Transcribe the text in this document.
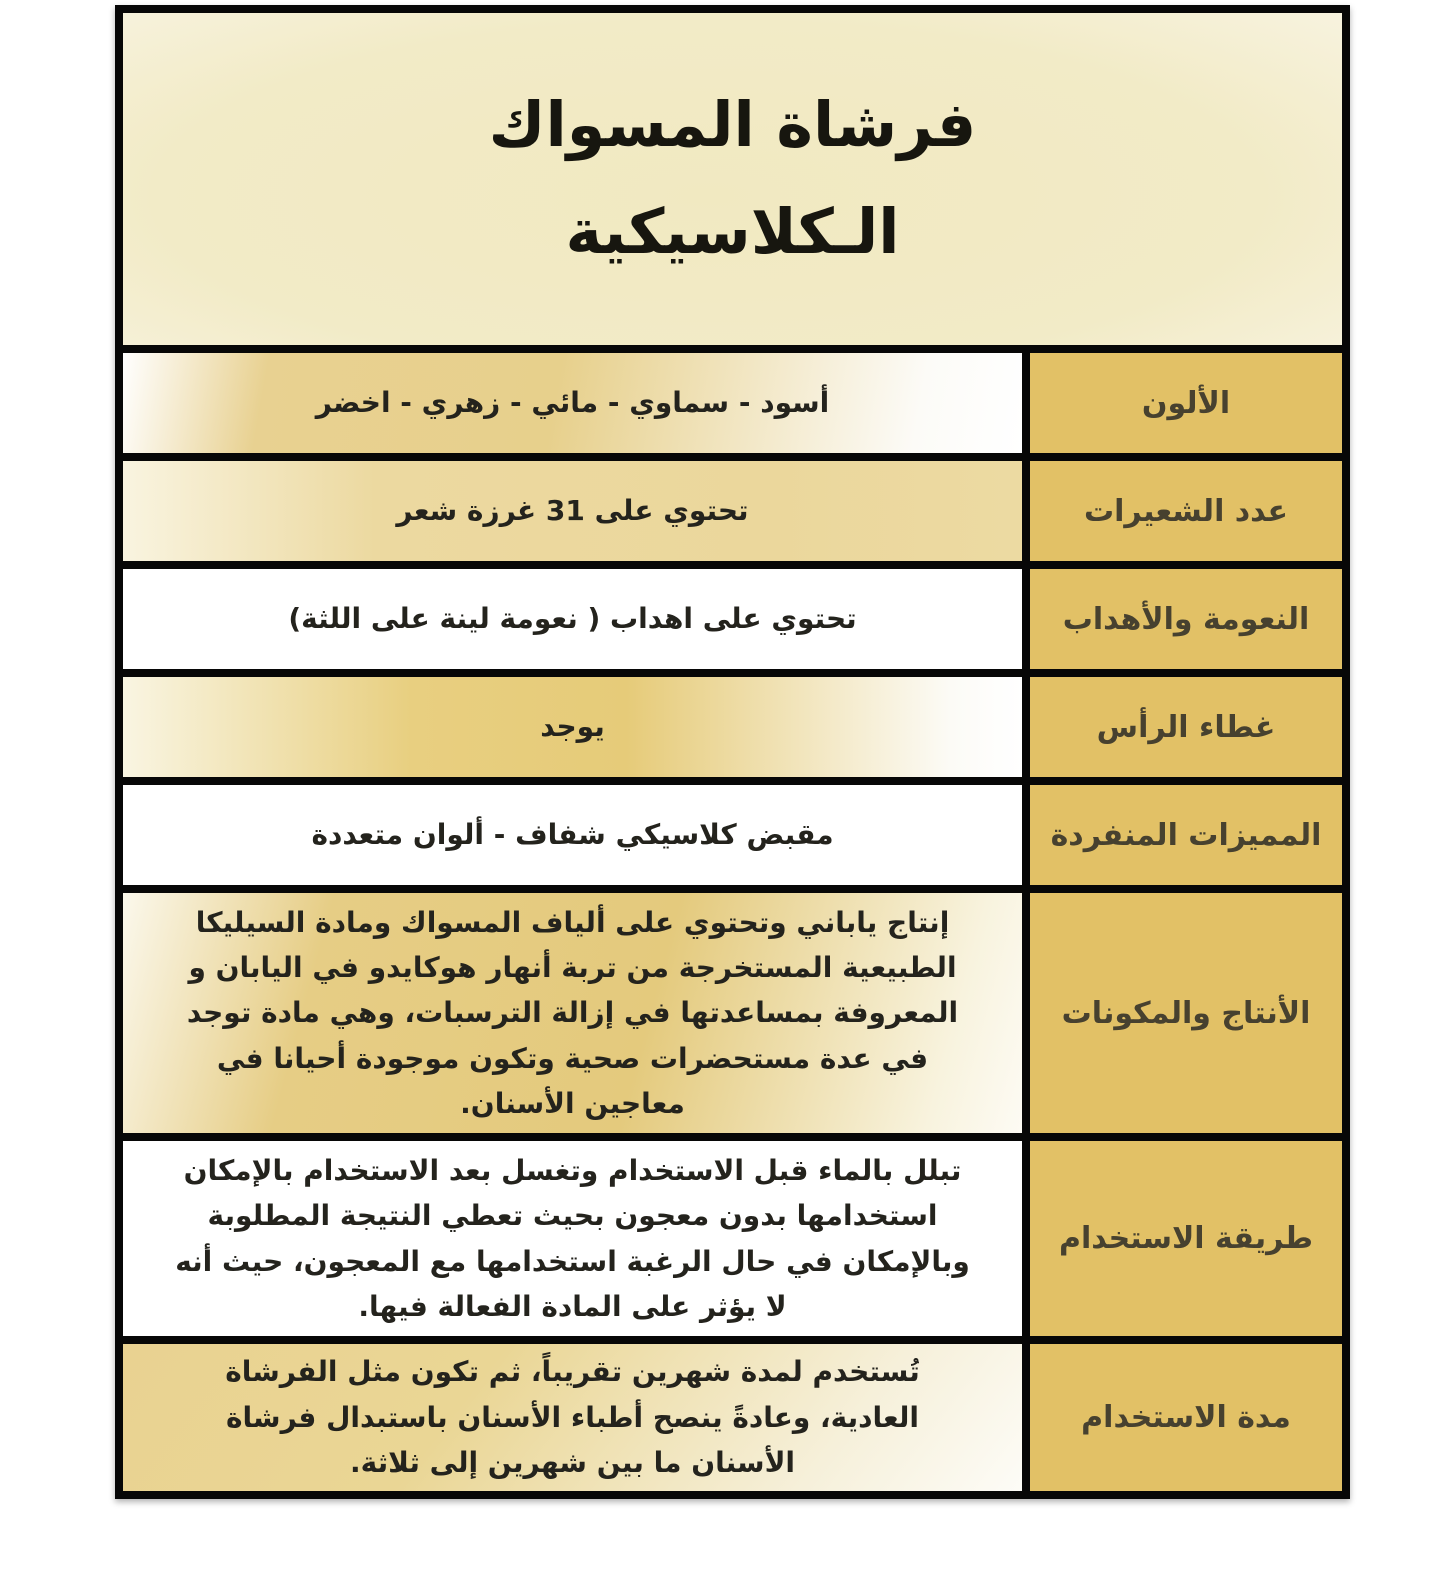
فرشاة المسواك
الـكلاسيكية
الألون
أسود - سماوي - مائي - زهري - اخضر
عدد الشعيرات
تحتوي على 31 غرزة شعر
النعومة والأهداب
تحتوي على اهداب ( نعومة لينة على اللثة)
غطاء الرأس
يوجد
المميزات المنفردة
مقبض كلاسيكي شفاف - ألوان متعددة
الأنتاج والمكونات
إنتاج ياباني وتحتوي على ألياف المسواك ومادة السيليكا الطبيعية المستخرجة من تربة أنهار هوكايدو في اليابان و المعروفة بمساعدتها في إزالة الترسبات، وهي مادة توجد في عدة مستحضرات صحية وتكون موجودة أحيانا في معاجين الأسنان.
طريقة الاستخدام
تبلل بالماء قبل الاستخدام وتغسل بعد الاستخدام بالإمكان استخدامها بدون معجون بحيث تعطي النتيجة المطلوبة وبالإمكان في حال الرغبة استخدامها مع المعجون، حيث أنه لا يؤثر على المادة الفعالة فيها.
مدة الاستخدام
تُستخدم لمدة شهرين تقريباً، ثم تكون مثل الفرشاة العادية، وعادةً ينصح أطباء الأسنان باستبدال فرشاة الأسنان ما بين شهرين إلى ثلاثة.
